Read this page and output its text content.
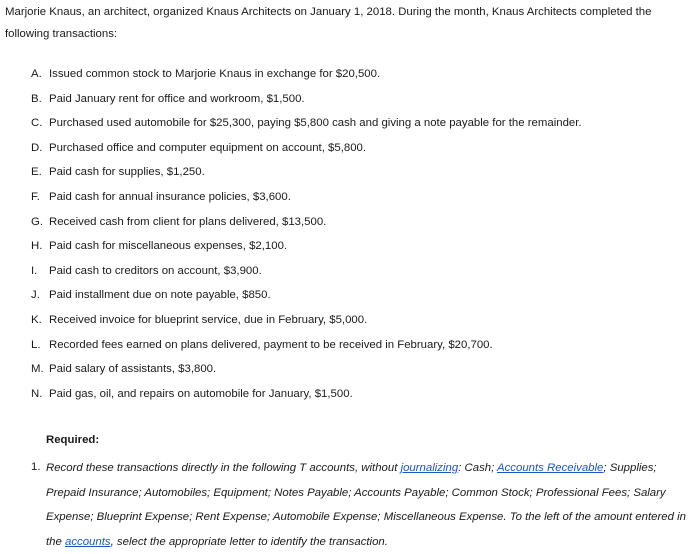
Marjorie Knaus, an architect, organized Knaus Architects on January 1, 2018. During the month, Knaus Architects completed the following transactions:

A. Issued common stock to Marjorie Knaus in exchange for $20,500.
B. Paid January rent for office and workroom, $1,500.
C. Purchased used automobile for $25,300, paying $5,800 cash and giving a note payable for the remainder.
D. Purchased office and computer equipment on account, $5,800.
E. Paid cash for supplies, $1,250.
F. Paid cash for annual insurance policies, $3,600.
G. Received cash from client for plans delivered, $13,500.
H. Paid cash for miscellaneous expenses, $2,100.
I. Paid cash to creditors on account, $3,900.
J. Paid installment due on note payable, $850.
K. Received invoice for blueprint service, due in February, $5,000.
L. Recorded fees earned on plans delivered, payment to be received in February, $20,700.
M. Paid salary of assistants, $3,800.
N. Paid gas, oil, and repairs on automobile for January, $1,500.
Required:
1. Record these transactions directly in the following T accounts, without journalizing: Cash; Accounts Receivable; Supplies; Prepaid Insurance; Automobiles; Equipment; Notes Payable; Accounts Payable; Common Stock; Professional Fees; Salary Expense; Blueprint Expense; Rent Expense; Automobile Expense; Miscellaneous Expense. To the left of the amount entered in the accounts, select the appropriate letter to identify the transaction.
